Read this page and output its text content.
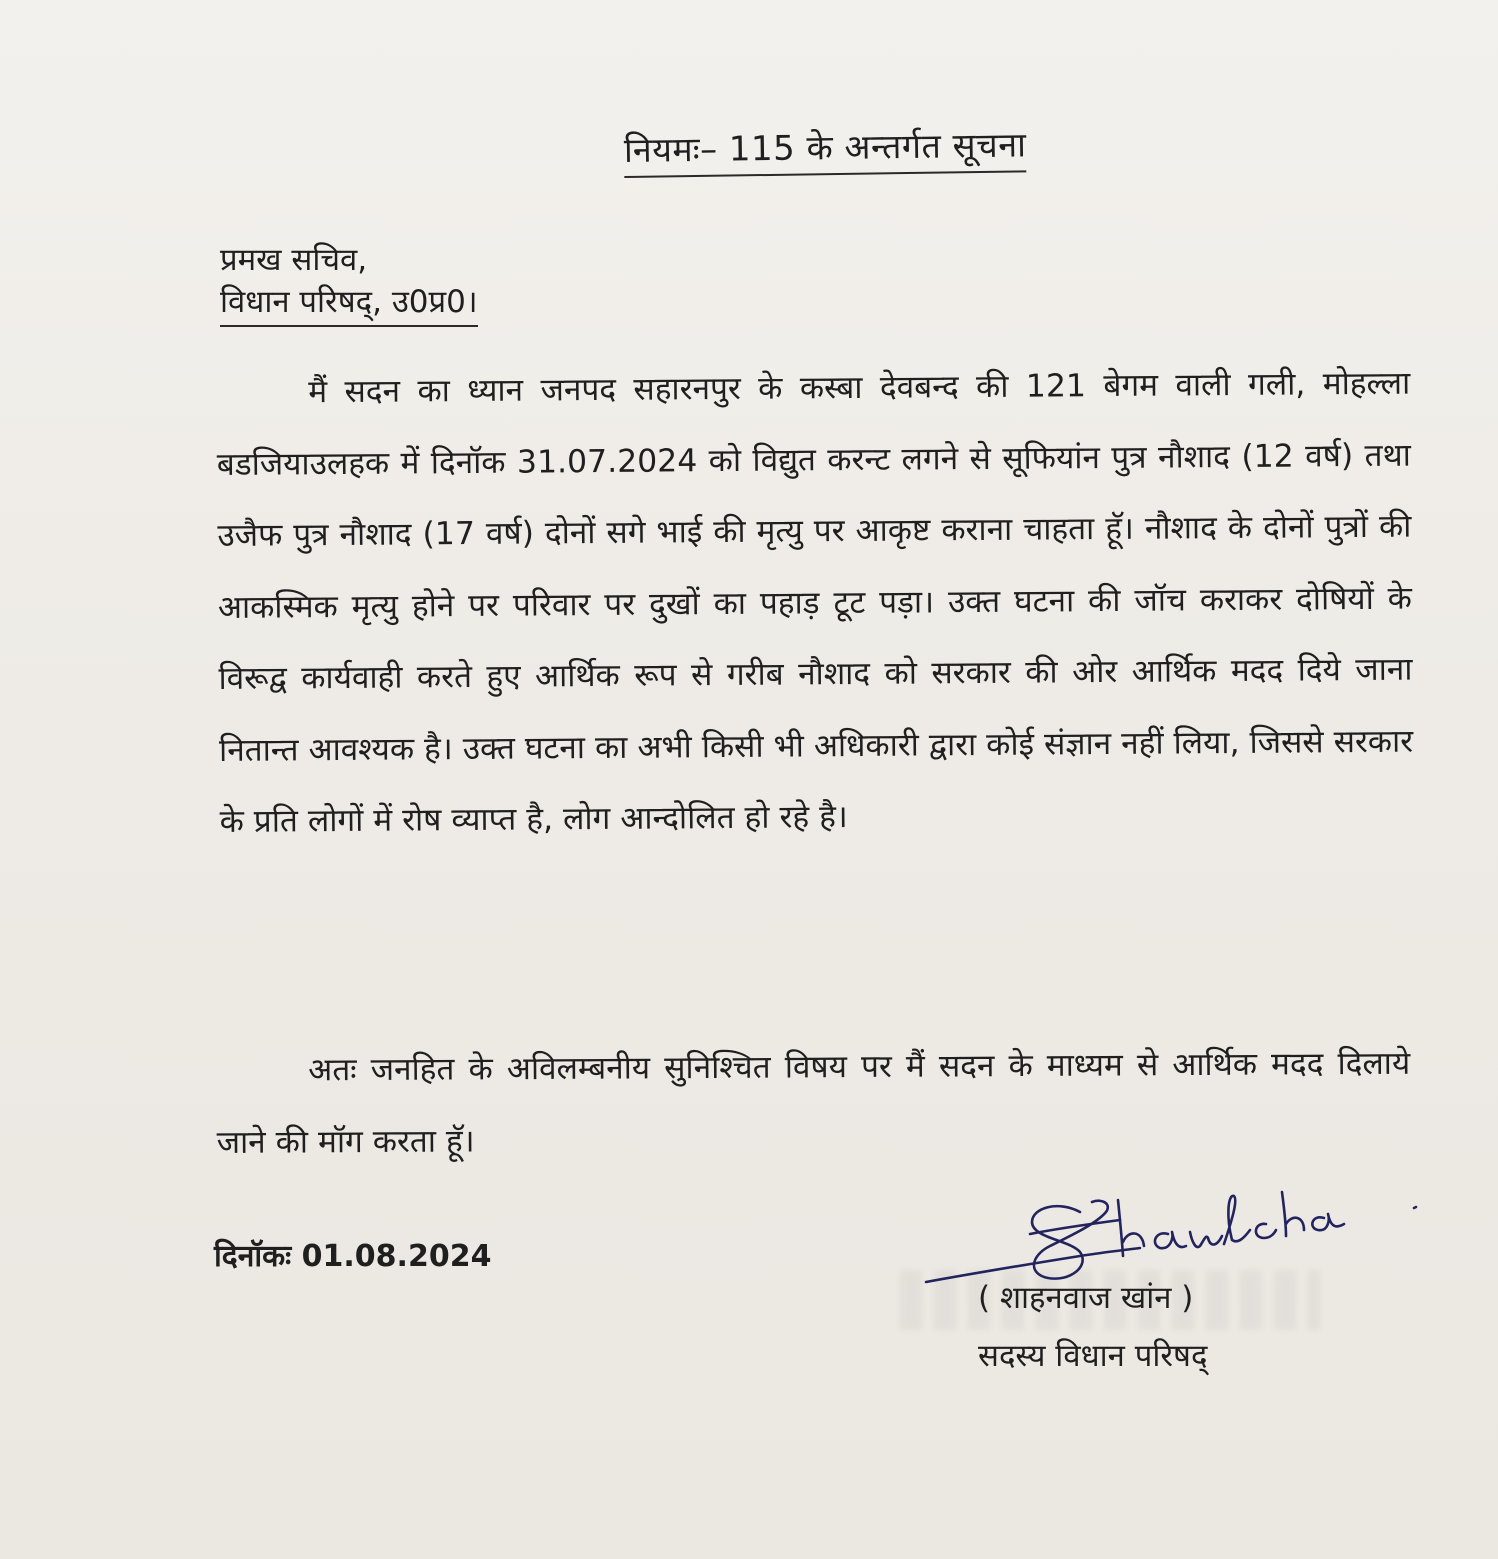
नियमः– 115 के अन्तर्गत सूचना
प्रमख सचिव,
विधान परिषद्, उ0प्र0।

मैं सदन का ध्यान जनपद सहारनपुर के कस्बा देवबन्द की 121 बेगम वाली गली, मोहल्ला बडजियाउलहक में दिनॉक 31.07.2024 को विद्युत करन्ट लगने से सूफियांन पुत्र नौशाद (12 वर्ष) तथा उजैफ पुत्र नौशाद (17 वर्ष) दोनों सगे भाई की मृत्यु पर आकृष्ट कराना चाहता हूॅ। नौशाद के दोनों पुत्रों की आकस्मिक मृत्यु होने पर परिवार पर दुखों का पहाड़ टूट पड़ा। उक्त घटना की जॉच कराकर दोषियों के विरूद्व कार्यवाही करते हुए आर्थिक रूप से गरीब नौशाद को सरकार की ओर आर्थिक मदद दिये जाना नितान्त आवश्यक है। उक्त घटना का अभी किसी भी अधिकारी द्वारा कोई संज्ञान नहीं लिया, जिससे सरकार के प्रति लोगों में रोष व्याप्त है, लोग आन्दोलित हो रहे है।

अतः जनहित के अविलम्बनीय सुनिश्चित विषय पर मैं सदन के माध्यम से आर्थिक मदद दिलाये जाने की मॉग करता हूॅ।

दिनॉकः 01.08.2024
( शाहनवाज खांन )
सदस्य विधान परिषद्
